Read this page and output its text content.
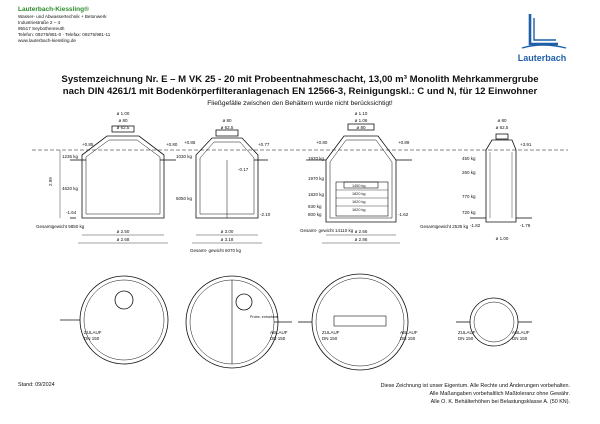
Lauterbach-Kiessling®
Wasser- und Abwassertechnik + Betonwerk
Industriestraße 2 – 4
95517 Seybothenreuth
Telefon: 09275/981-0 · Telefax: 09275/981-11
www.lauterbach-kiessling.de
Lauterbach
Systemzeichnung Nr. E – M VK 25 - 20 mit Probeentnahmeschacht, 13,00 m³ Monolith Mehrkammergrube
nach DIN 4261/1 mit Bodenkörperfilteranlagenach EN 12566-3, Reinigungskl.: C und N, für 12 Einwohner
Fließgefälle zwischen den Behältern wurde nicht berücksichtigt!
ø 1.00
ø 80
ø 62,5
+0.85	+0.80
1235 kg
4620 kg
-1.64
2.99
ø 2.50
ø 2.68
Gesamtgewicht 5850 kg
ø 80
ø 62,5
+0.85	+0.77
1030 kg
5050 kg
-0.17
-2.10
ø 3.00
ø 3.18
Gesamt- gewicht 6070 kg
ø 1.10
ø 1.06
ø 80
+0.80	+0.89
1970 kg
1970 kg
1820 kg
930 kg
800 kg
1450 kg
1820 kg
1620 kg
1620 kg
-1.62
ø 2.66
ø 2.86
Gesamt- gewicht 14110 kg
ø 80
ø 62,5
+3.91
450 kg
260 kg
770 kg
720 kg
-1.82	-1.79
Gesamtgewicht 2535 kg
ø 1.00
ZULAUF
DN 150
ABLAUF
DN 150
Probe- entnahme
ZULAUF
DN 150
ABLAUF
DN 150
ZULAUF
DN 150
ABLAUF
DN 150
Stand: 09/2024	Diese Zeichnung ist unser Eigentum. Alle Rechte und Änderungen vorbehalten.
Alle Maßangaben vorbehaltlich Maßtoleranz ohne Gewähr.
Alle O. K. Behälterhöhen bei Belastungsklasse A. (50 KN).
